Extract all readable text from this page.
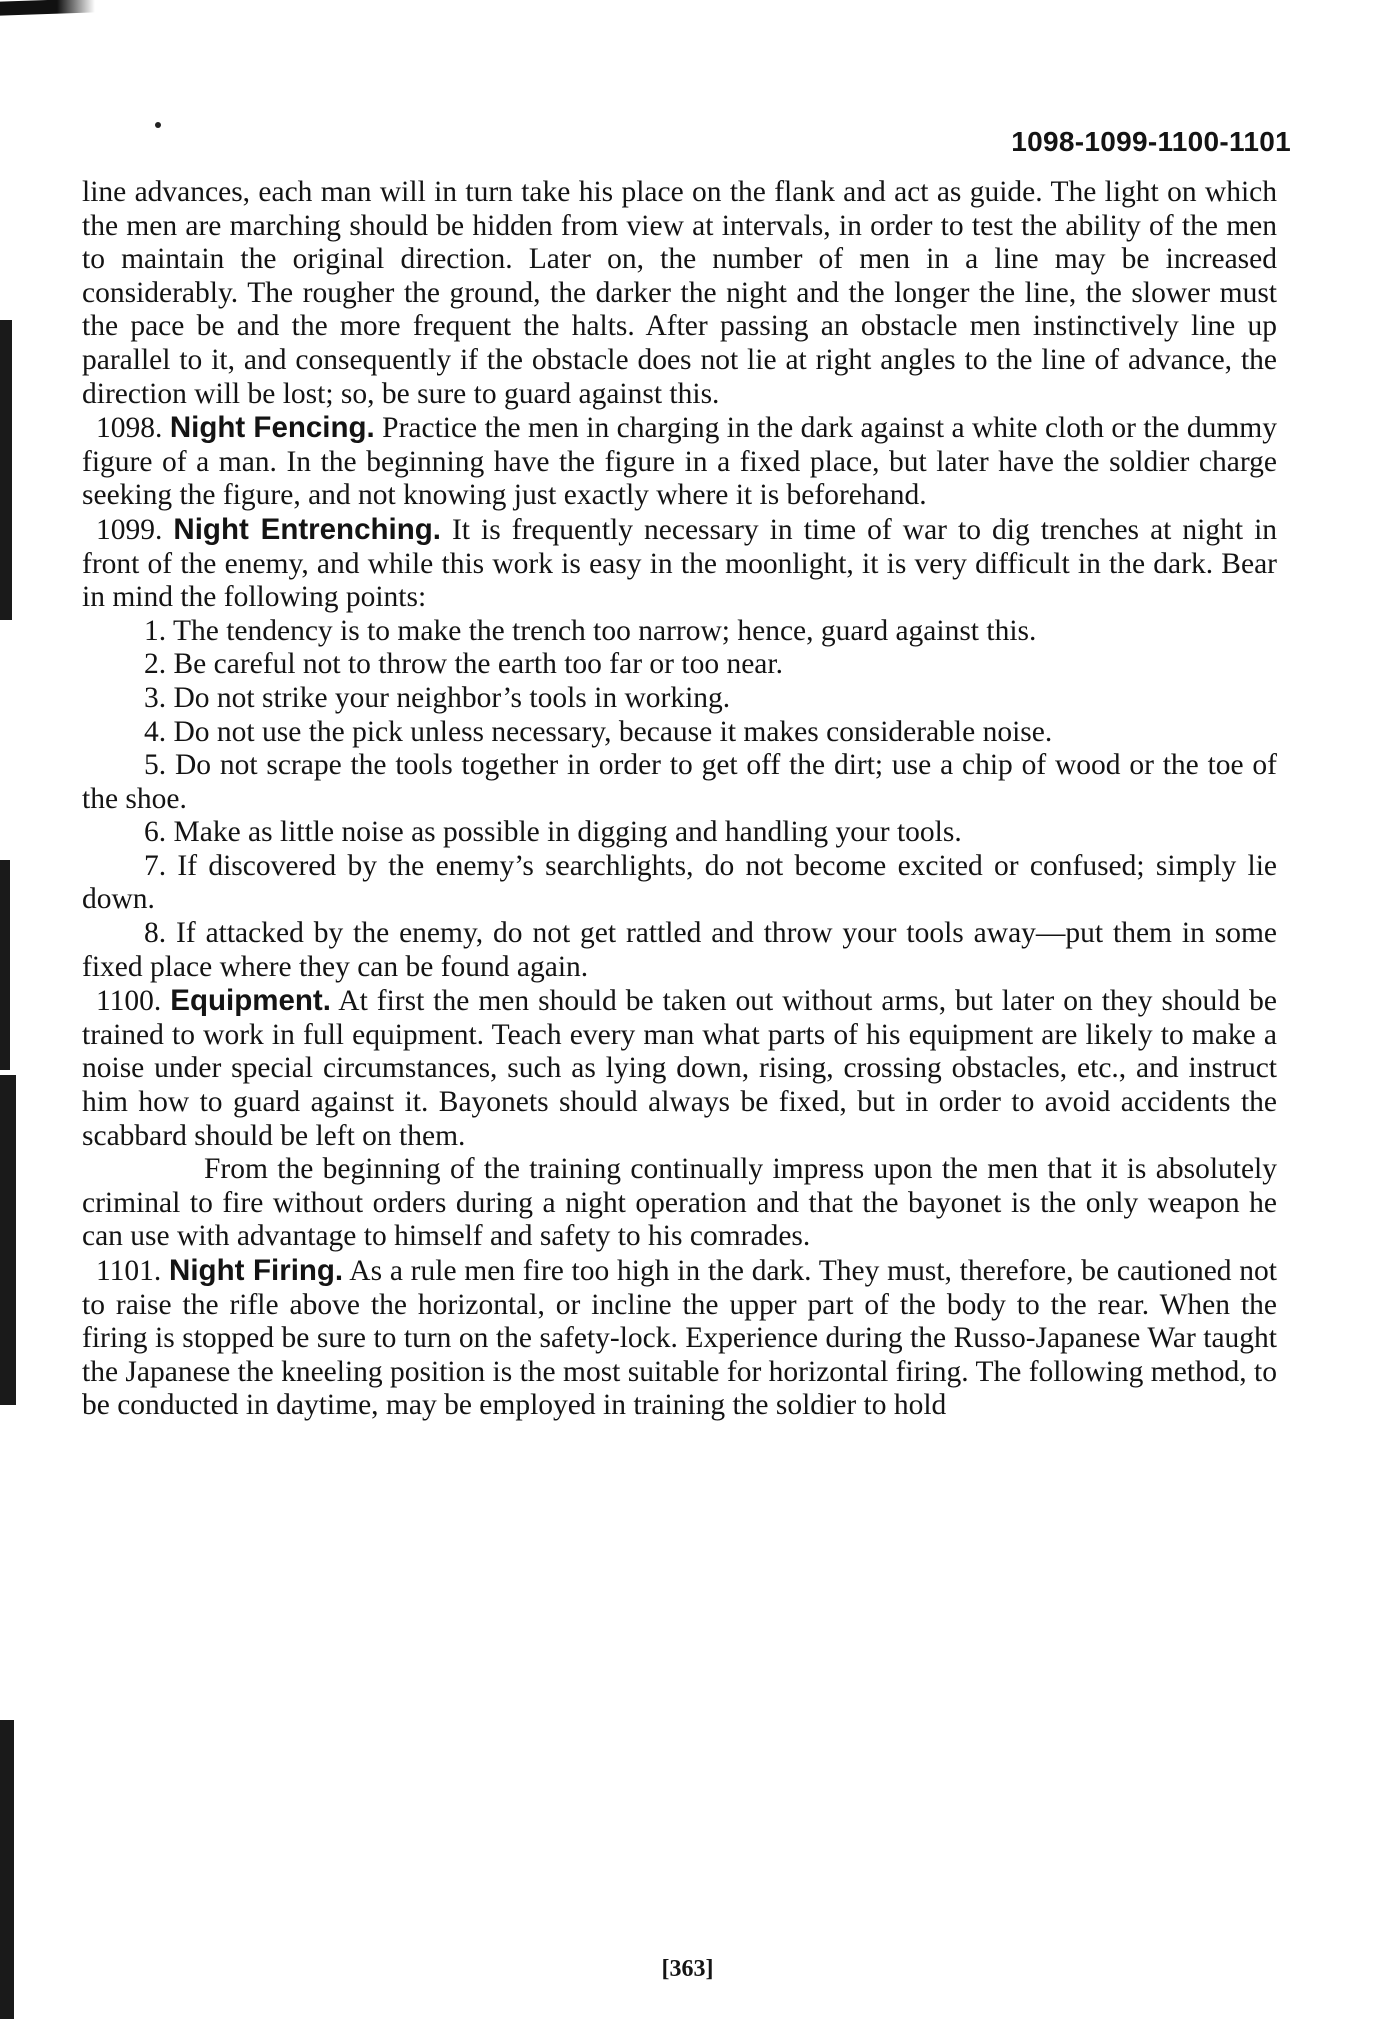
1098-1099-1100-1101

line advances, each man will in turn take his place on the flank and act as guide. The light on which the men are marching should be hidden from view at intervals, in order to test the ability of the men to maintain the original direction. Later on, the number of men in a line may be increased considerably. The rougher the ground, the darker the night and the longer the line, the slower must the pace be and the more frequent the halts. After passing an obstacle men instinctively line up parallel to it, and consequently if the obstacle does not lie at right angles to the line of advance, the direction will be lost; so, be sure to guard against this.

1098. Night Fencing. Practice the men in charging in the dark against a white cloth or the dummy figure of a man. In the beginning have the figure in a fixed place, but later have the soldier charge seeking the figure, and not knowing just exactly where it is beforehand.

1099. Night Entrenching. It is frequently necessary in time of war to dig trenches at night in front of the enemy, and while this work is easy in the moonlight, it is very difficult in the dark. Bear in mind the following points:

1. The tendency is to make the trench too narrow; hence, guard against this.

2. Be careful not to throw the earth too far or too near.

3. Do not strike your neighbor’s tools in working.

4. Do not use the pick unless necessary, because it makes considerable noise.

5. Do not scrape the tools together in order to get off the dirt; use a chip of wood or the toe of the shoe.

6. Make as little noise as possible in digging and handling your tools.

7. If discovered by the enemy’s searchlights, do not become excited or confused; simply lie down.

8. If attacked by the enemy, do not get rattled and throw your tools away—put them in some fixed place where they can be found again.

1100. Equipment. At first the men should be taken out without arms, but later on they should be trained to work in full equipment. Teach every man what parts of his equipment are likely to make a noise under special circumstances, such as lying down, rising, crossing obstacles, etc., and instruct him how to guard against it. Bayonets should always be fixed, but in order to avoid accidents the scabbard should be left on them.

From the beginning of the training continually impress upon the men that it is absolutely criminal to fire without orders during a night operation and that the bayonet is the only weapon he can use with advantage to himself and safety to his comrades.

1101. Night Firing. As a rule men fire too high in the dark. They must, therefore, be cautioned not to raise the rifle above the horizontal, or incline the upper part of the body to the rear. When the firing is stopped be sure to turn on the safety-lock. Experience during the Russo-Japanese War taught the Japanese the kneeling position is the most suitable for horizontal firing. The following method, to be conducted in daytime, may be employed in training the soldier to hold

[363]
